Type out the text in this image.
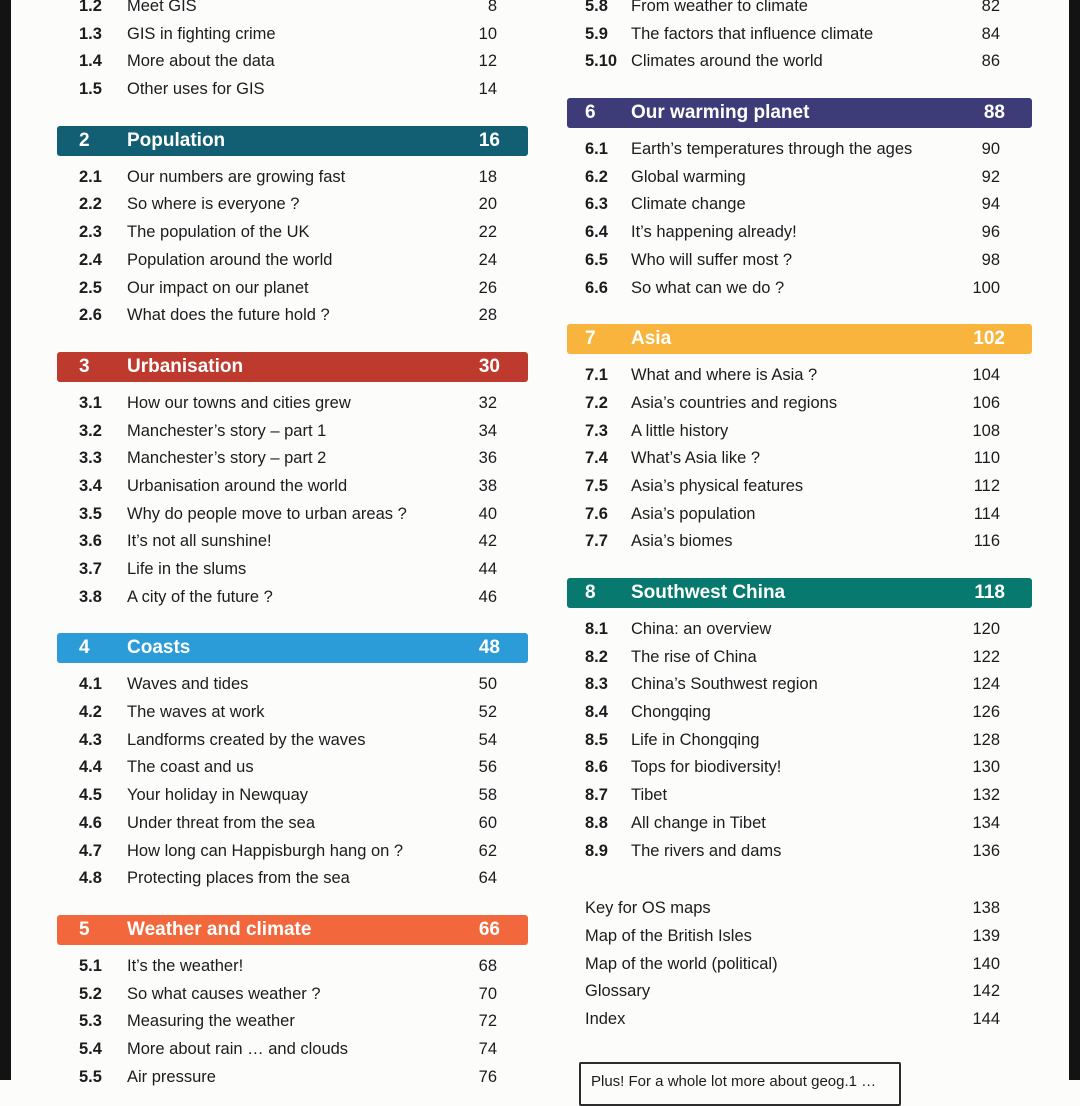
1.2	Meet GIS	8
1.3	GIS in fighting crime	10
1.4	More about the data	12
1.5	Other uses for GIS	14
2	Population	16
2.1	Our numbers are growing fast	18
2.2	So where is everyone ?	20
2.3	The population of the UK	22
2.4	Population around the world	24
2.5	Our impact on our planet	26
2.6	What does the future hold ?	28
3	Urbanisation	30
3.1	How our towns and cities grew	32
3.2	Manchester’s story – part 1	34
3.3	Manchester’s story – part 2	36
3.4	Urbanisation around the world	38
3.5	Why do people move to urban areas ?	40
3.6	It’s not all sunshine!	42
3.7	Life in the slums	44
3.8	A city of the future ?	46
4	Coasts	48
4.1	Waves and tides	50
4.2	The waves at work	52
4.3	Landforms created by the waves	54
4.4	The coast and us	56
4.5	Your holiday in Newquay	58
4.6	Under threat from the sea	60
4.7	How long can Happisburgh hang on ?	62
4.8	Protecting places from the sea	64
5	Weather and climate	66
5.1	It’s the weather!	68
5.2	So what causes weather ?	70
5.3	Measuring the weather	72
5.4	More about rain … and clouds	74
5.5	Air pressure	76
5.8	From weather to climate	82
5.9	The factors that influence climate	84
5.10 Climates around the world	86
6	Our warming planet	88
6.1	Earth’s temperatures through the ages	90
6.2	Global warming	92
6.3	Climate change	94
6.4	It’s happening already!	96
6.5	Who will suffer most ?	98
6.6	So what can we do ?	100
7	Asia	102
7.1	What and where is Asia ?	104
7.2	Asia’s countries and regions	106
7.3	A little history	108
7.4	What’s Asia like ?	110
7.5	Asia’s physical features	112
7.6	Asia’s population	114
7.7	Asia’s biomes	116
8	Southwest China	118
8.1	China: an overview	120
8.2	The rise of China	122
8.3	China’s Southwest region	124
8.4	Chongqing	126
8.5	Life in Chongqing	128
8.6	Tops for biodiversity!	130
8.7	Tibet	132
8.8	All change in Tibet	134
8.9	The rivers and dams	136
Key for OS maps	138
Map of the British Isles	139
Map of the world (political)	140
Glossary	142
Index	144
Plus! For a whole lot more about geog.1 …
